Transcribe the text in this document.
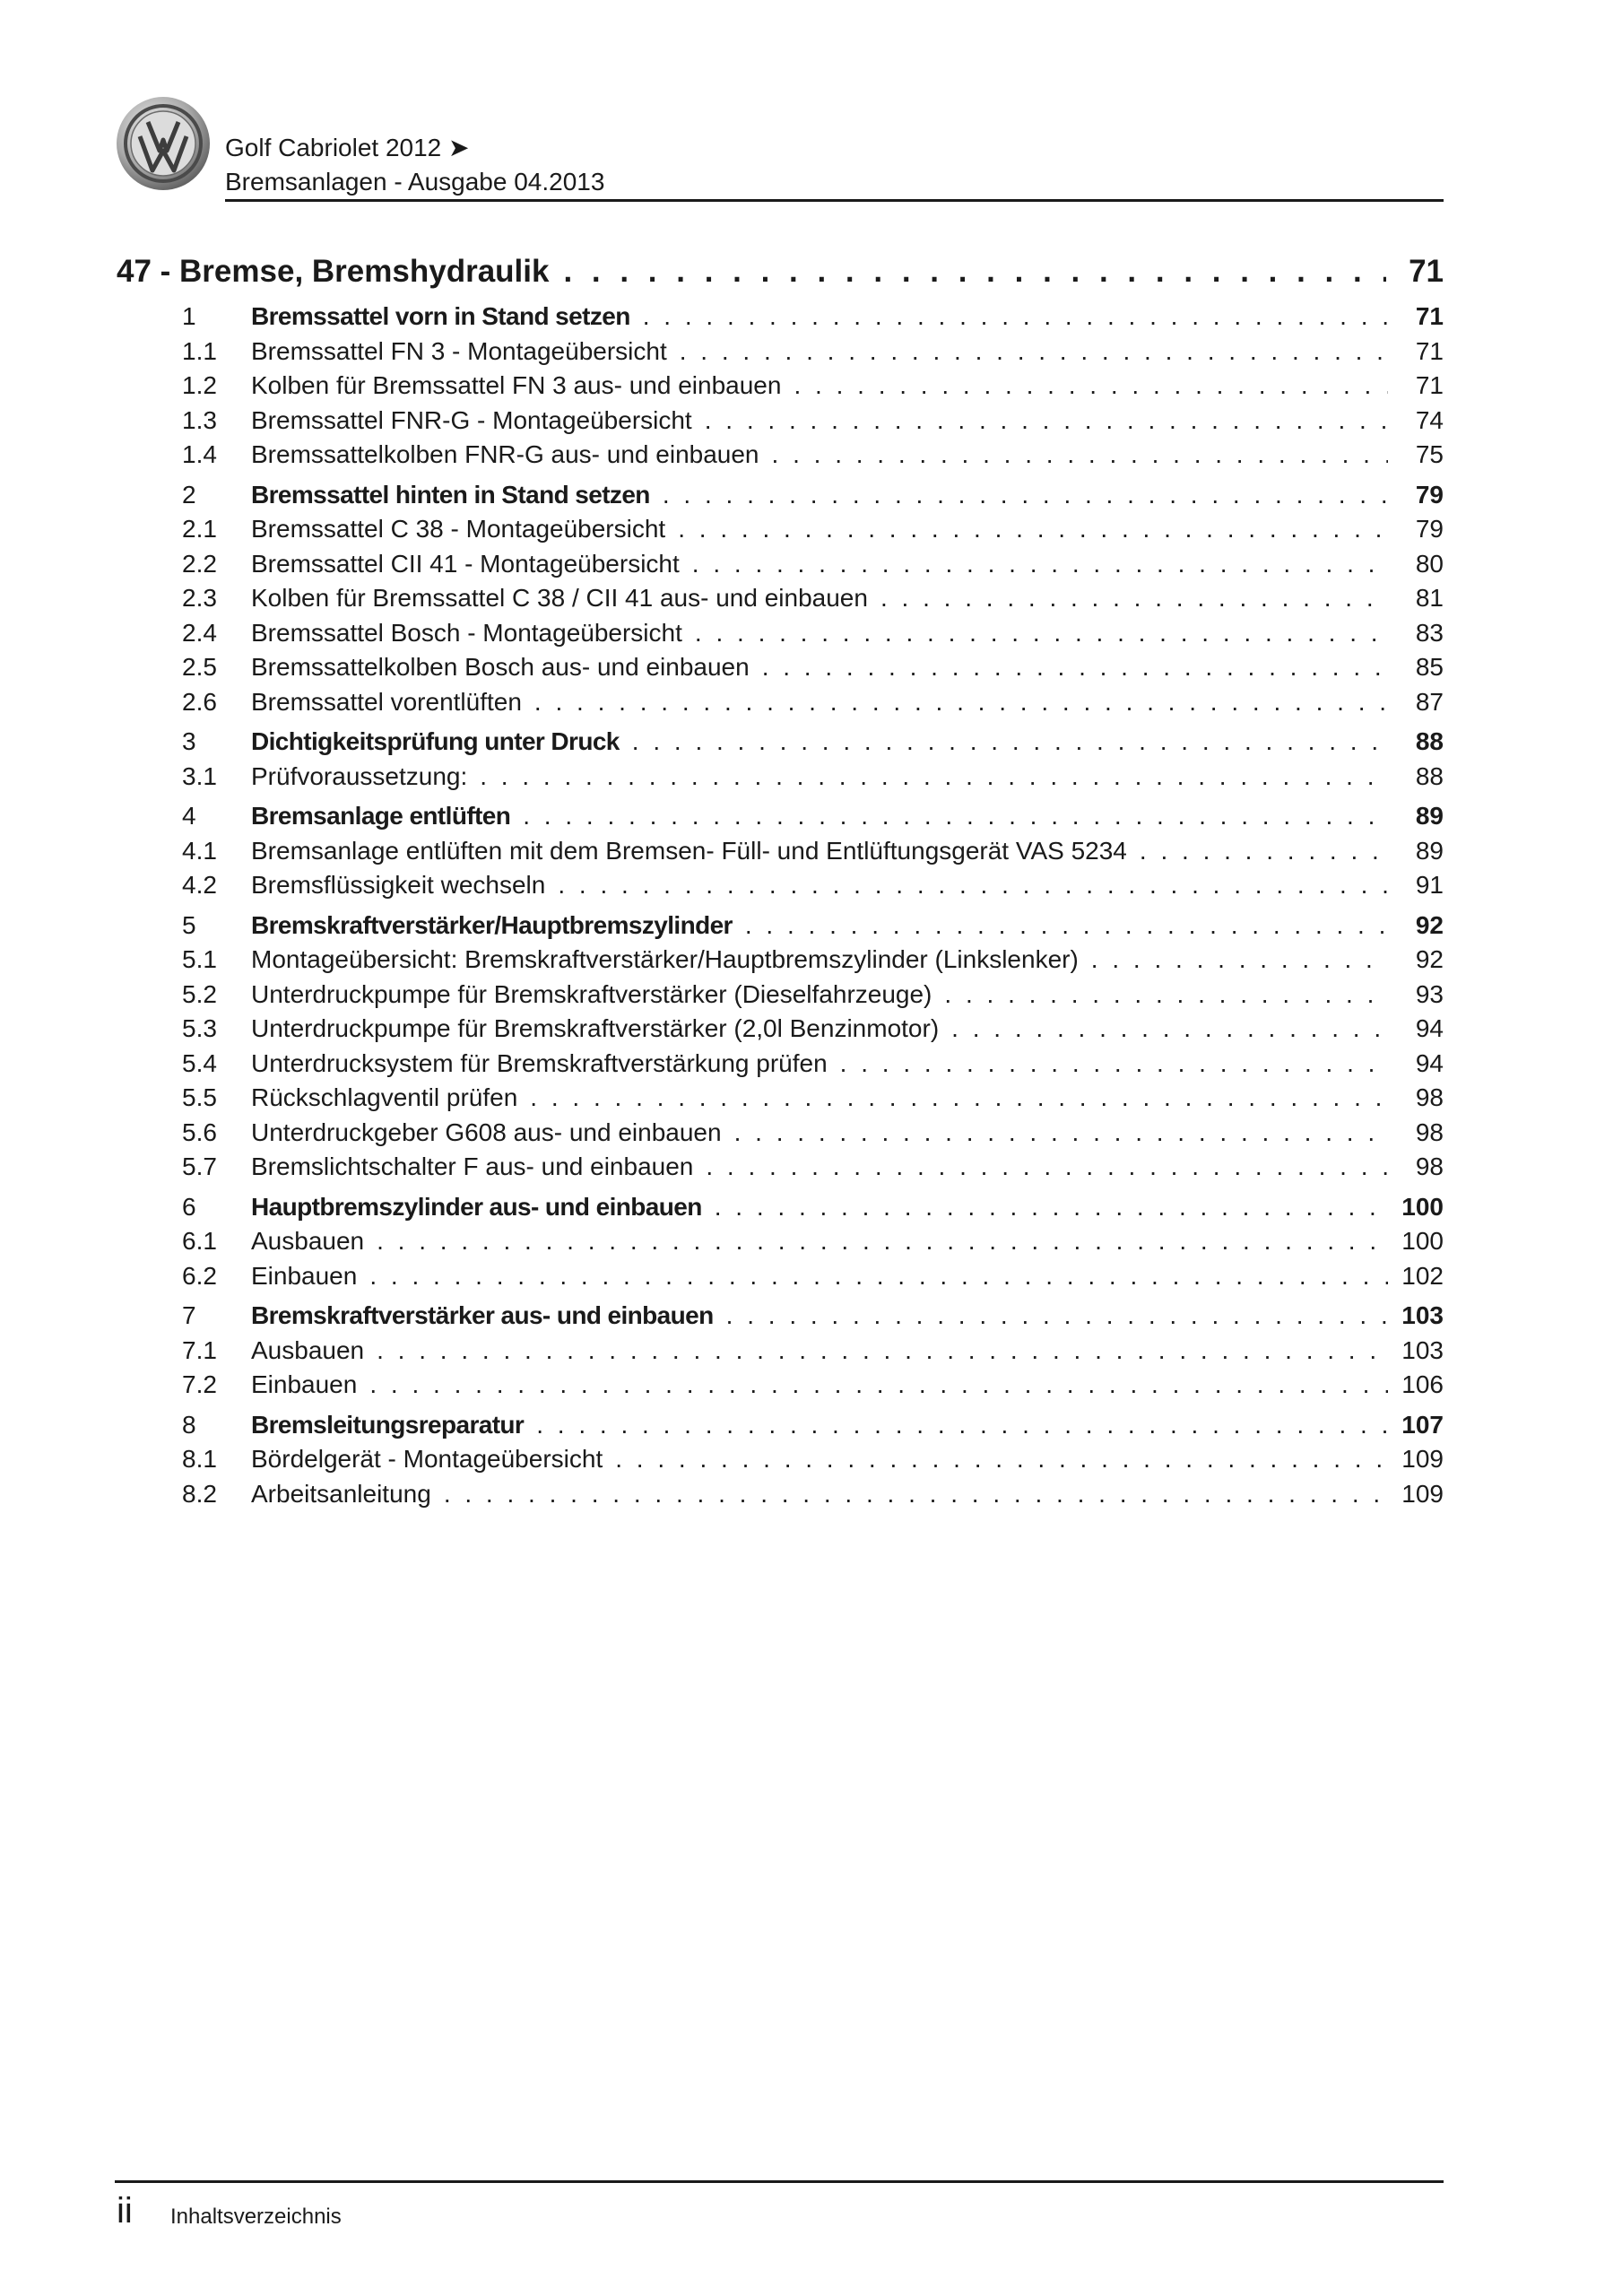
Golf Cabriolet 2012 ➤
Bremsanlagen - Ausgabe 04.2013
47 - Bremse, Bremshydraulik . . .	71
1	Bremssattel vorn in Stand setzen . . .	71
1.1	Bremssattel FN 3 - Montageübersicht . . .	71
1.2	Kolben für Bremssattel FN 3 aus- und einbauen . . .	71
1.3	Bremssattel FNR-G - Montageübersicht . . .	74
1.4	Bremssattelkolben FNR-G aus- und einbauen . . .	75
2	Bremssattel hinten in Stand setzen . . .	79
2.1	Bremssattel C 38 - Montageübersicht . . .	79
2.2	Bremssattel CII 41 - Montageübersicht . . .	80
2.3	Kolben für Bremssattel C 38 / CII 41 aus- und einbauen . . .	81
2.4	Bremssattel Bosch - Montageübersicht . . .	83
2.5	Bremssattelkolben Bosch aus- und einbauen . . .	85
2.6	Bremssattel vorentlüften . . .	87
3	Dichtigkeitsprüfung unter Druck . . .	88
3.1	Prüfvoraussetzung: . . .	88
4	Bremsanlage entlüften . . .	89
4.1	Bremsanlage entlüften mit dem Bremsen- Füll- und Entlüftungsgerät VAS 5234 . . .	89
4.2	Bremsflüssigkeit wechseln . . .	91
5	Bremskraftverstärker/Hauptbremszylinder . . .	92
5.1	Montageübersicht: Bremskraftverstärker/Hauptbremszylinder (Linkslenker) . . .	92
5.2	Unterdruckpumpe für Bremskraftverstärker (Dieselfahrzeuge) . . .	93
5.3	Unterdruckpumpe für Bremskraftverstärker (2,0l Benzinmotor) . . .	94
5.4	Unterdrucksystem für Bremskraftverstärkung prüfen . . .	94
5.5	Rückschlagventil prüfen . . .	98
5.6	Unterdruckgeber G608 aus- und einbauen . . .	98
5.7	Bremslichtschalter F aus- und einbauen . . .	98
6	Hauptbremszylinder aus- und einbauen . . .	100
6.1	Ausbauen . . .	100
6.2	Einbauen . . .	102
7	Bremskraftverstärker aus- und einbauen . . .	103
7.1	Ausbauen . . .	103
7.2	Einbauen . . .	106
8	Bremsleitungsreparatur . . .	107
8.1	Bördelgerät - Montageübersicht . . .	109
8.2	Arbeitsanleitung . . .	109
ii Inhaltsverzeichnis
